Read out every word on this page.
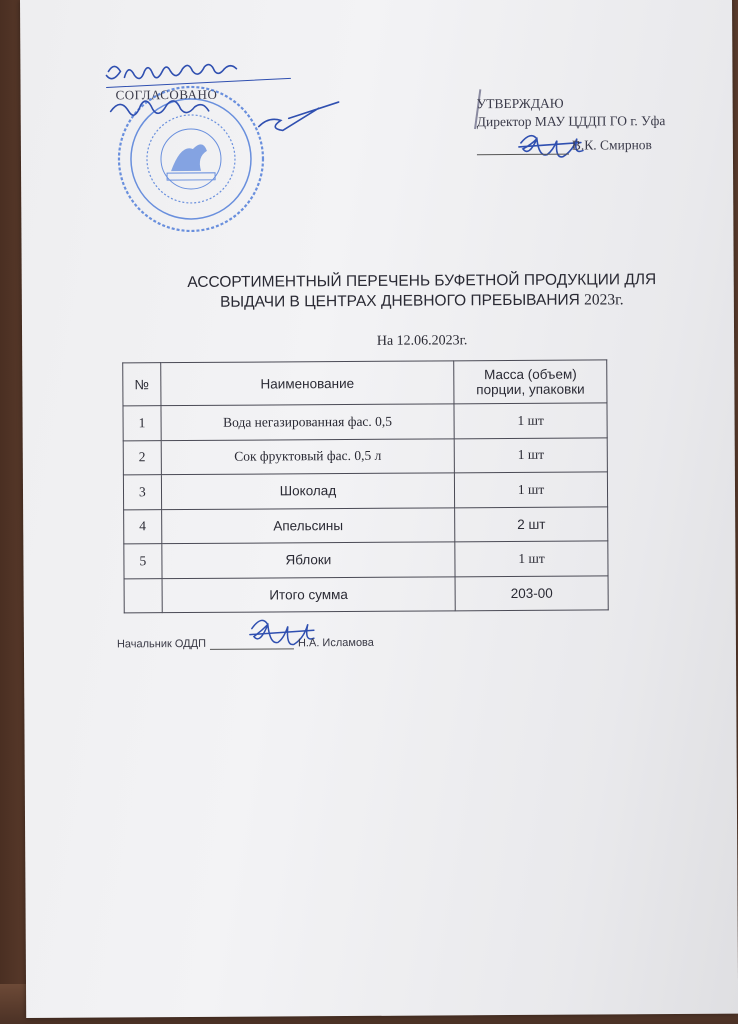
СОГЛАСОВАНО
УТВЕРЖДАЮ
Директор МАУ ЦДДП ГО г. Уфа
В.К. Смирнов
АССОРТИМЕНТНЫЙ ПЕРЕЧЕНЬ БУФЕТНОЙ ПРОДУКЦИИ ДЛЯ
ВЫДАЧИ В ЦЕНТРАХ ДНЕВНОГО ПРЕБЫВАНИЯ 2023г.
На 12.06.2023г.
№	Наименование	Масса (объем)
порции, упаковки

1	Вода негазированная фас. 0,5	1 шт
2	Сок фруктовый фас. 0,5 л	1 шт
3	Шоколад	1 шт
4	Апельсины	2 шт
5	Яблоки	1 шт
	Итого сумма	203-00
Начальник ОДДП	Н.А. Исламова
